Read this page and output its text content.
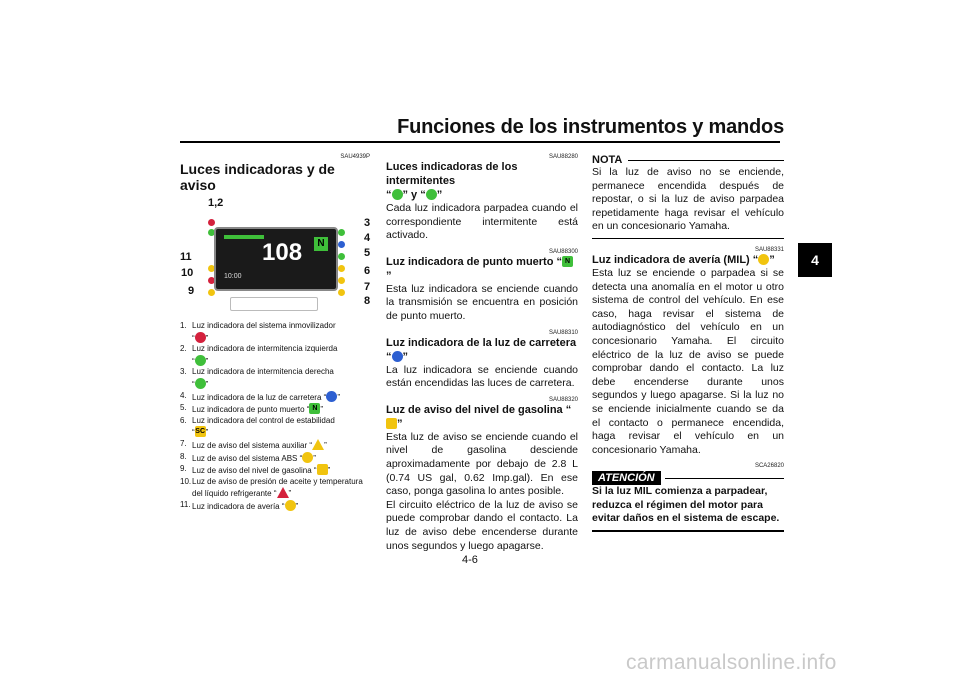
Funciones de los instrumentos y mandos
4
SAU4939P
Luces indicadoras y de aviso
1,2
3
4
5
6
7
8
9
10
11	108	N
10:00
1. Luz indicadora del sistema inmovilizador
“ ”
2. Luz indicadora de intermitencia izquierda
“ ”
3. Luz indicadora de intermitencia derecha
“ ”
4. Luz indicadora de la luz de carretera “ ”
5. Luz indicadora de punto muerto “ N ”
6. Luz indicadora del control de estabilidad
“ SC ”
7. Luz de aviso del sistema auxiliar “ ”
8. Luz de aviso del sistema ABS “ ”
9. Luz de aviso del nivel de gasolina “ ”
10. Luz de aviso de presión de aceite y temperatura del líquido refrigerante “ ”
11. Luz indicadora de avería “ ”
SAU88280
Luces indicadoras de los intermitentes
“ ” y “ ”
Cada luz indicadora parpadea cuando el correspondiente intermitente está activado.
SAU88300
Luz indicadora de punto muerto “ N
”
Esta luz indicadora se enciende cuando la transmisión se encuentra en posición de punto muerto.
SAU88310
Luz indicadora de la luz de carretera
“ ”
La luz indicadora se enciende cuando están encendidas las luces de carretera.
SAU88320
Luz de aviso del nivel de gasolina “”
Esta luz de aviso se enciende cuando el nivel de gasolina desciende aproximadamente por debajo de 2.8 L (0.74 US gal, 0.62 Imp.gal). En ese caso, ponga gasolina lo antes posible.
El circuito eléctrico de la luz de aviso se puede comprobar dando el contacto. La luz de aviso debe encenderse durante unos segundos y luego apagarse.
NOTA
Si la luz de aviso no se enciende, permanece encendida después de repostar, o si la luz de aviso parpadea repetidamente haga revisar el vehículo en un concesionario Yamaha.
SAU88331
Luz indicadora de avería (MIL) “ ”
Esta luz se enciende o parpadea si se detecta una anomalía en el motor u otro sistema de control del vehículo. En ese caso, haga revisar el sistema de autodiagnóstico del vehículo en un concesionario Yamaha. El circuito eléctrico de la luz de aviso se puede comprobar dando el contacto. La luz debe encenderse durante unos segundos y luego apagarse. Si la luz no se enciende inicialmente cuando se da el contacto o permanece encendida, haga revisar el vehículo en un concesionario Yamaha.
SCA26820
ATENCIÓN
Si la luz MIL comienza a parpadear, reduzca el régimen del motor para evitar daños en el sistema de escape.
4-6
carmanualsonline.info
